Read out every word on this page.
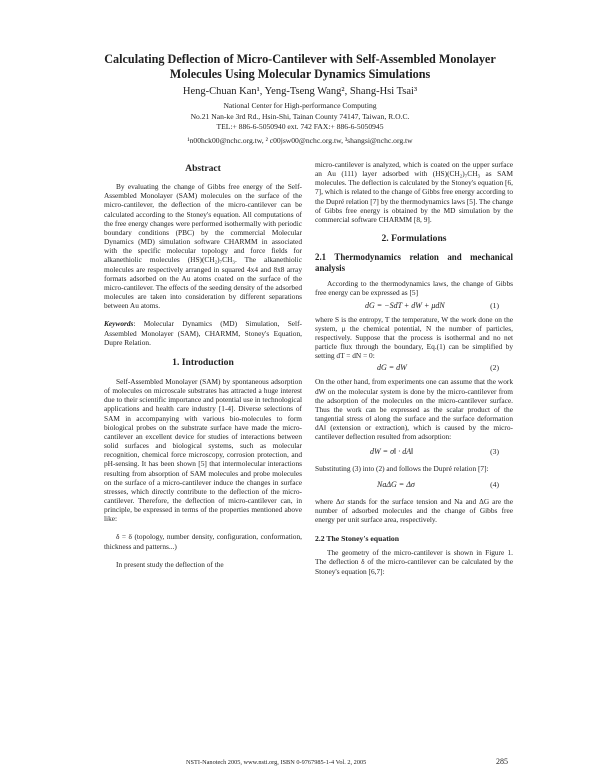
Calculating Deflection of Micro-Cantilever with Self-Assembled Monolayer
Molecules Using Molecular Dynamics Simulations
Heng-Chuan Kan¹, Yeng-Tseng Wang², Shang-Hsi Tsai³
National Center for High-performance Computing
No.21 Nan-ke 3rd Rd., Hsin-Shi, Tainan County 74147, Taiwan, R.O.C.
TEL:+ 886-6-5050940 ext. 742 FAX:+ 886-6-5050945
¹n00hck00@nchc.org.tw, ² c00jsw00@nchc.org.tw, ³shangsi@nchc.org.tw
Abstract

By evaluating the change of Gibbs free energy of the Self-Assembled Monolayer (SAM) molecules on the surface of the micro-cantilever, the deflection of the micro-cantilever can be calculated according to the Stoney's equation. All computations of the free energy changes were performed isothermally with periodic boundary conditions (PBC) by the commercial Molecular Dynamics (MD) simulation software CHARMM in associated with the specific molecular topology and force fields for alkanethiolic molecules (HS)(CH₂)₇CH₃. The alkanethiolic molecules are respectively arranged in squared 4x4 and 8x8 array formats adsorbed on the Au atoms coated on the surface of the micro-cantilever. The effects of the seeding density of the adsorbed molecules are taken into consideration by different separations between Au atoms.

Keywords: Molecular Dynamics (MD) Simulation, Self-Assembled Monolayer (SAM), CHARMM, Stoney's Equation, Dupre Relation.

1. Introduction

Self-Assembled Monolayer (SAM) by spontaneous adsorption of molecules on microscale substrates has attracted a huge interest due to their scientific importance and potential use in technological applications and health care industry [1-4]. Diverse selections of SAM in accompanying with various bio-molecules to form biological probes on the substrate surface have made the micro-cantilever an excellent device for studies of interactions between solid surfaces and biological systems, such as molecular recognition, chemical force microscopy, corrosion protection, and pH-sensing. It has been shown [5] that intermolecular interactions resulting from absorption of SAM molecules and probe molecules on the surface of a micro-cantilever induce the changes in surface stresses, which directly contribute to the deflection of the micro-cantilever. Therefore, the deflection of micro-cantilever can, in principle, be expressed in terms of the properties mentioned above like:

δ = δ (topology, number density, configuration, conformation, thickness and patterns...)

In present study the deflection of the

micro-cantilever is analyzed, which is coated on the upper surface an Au (111) layer adsorbed with (HS)(CH₂)₇CH₃ as SAM molecules. The deflection is calculated by the Stoney's equation [6, 7], which is related to the change of Gibbs free energy according to the Dupré relation [7] by the thermodynamics laws [5]. The change of Gibbs free energy is obtained by the MD simulation by the commercial software CHARMM [8, 9].

2. Formulations
2.1 Thermodynamics relation and mechanical analysis

According to the thermodynamics laws, the change of Gibbs free energy can be expressed as [5]

dG = −SdT + dW + μdN	(1)

where S is the entropy, T the temperature, W the work done on the system, μ the chemical potential, N the number of particles, respectively. Suppose that the process is isothermal and no net particle flux through the boundary, Eq.(1) can be simplified by setting dT = dN = 0:

dG = dW	(2)

On the other hand, from experiments one can assume that the work dW on the molecular system is done by the micro-cantilever from the adsorption of the molecules on the micro-cantilever surface. Thus the work can be expressed as the scalar product of the tangential stress σ‖ along the surface and the surface deformation dA‖ (extension or extraction), which is caused by the micro-cantilever deflection resulted from adsorption:

dW = σ‖ · dA‖	(3)

Substituting (3) into (2) and follows the Dupré relation [7]:

NaΔG = Δσ	(4)

where Δσ stands for the surface tension and Na and ΔG are the number of adsorbed molecules and the change of Gibbs free energy per unit surface area, respectively.

2.2 The Stoney's equation

The geometry of the micro-cantilever is shown in Figure 1. The deflection δ of the micro-cantilever can be calculated by the Stoney's equation [6,7]:

NSTI-Nanotech 2005, www.nsti.org, ISBN 0-9767985-1-4 Vol. 2, 2005	285
